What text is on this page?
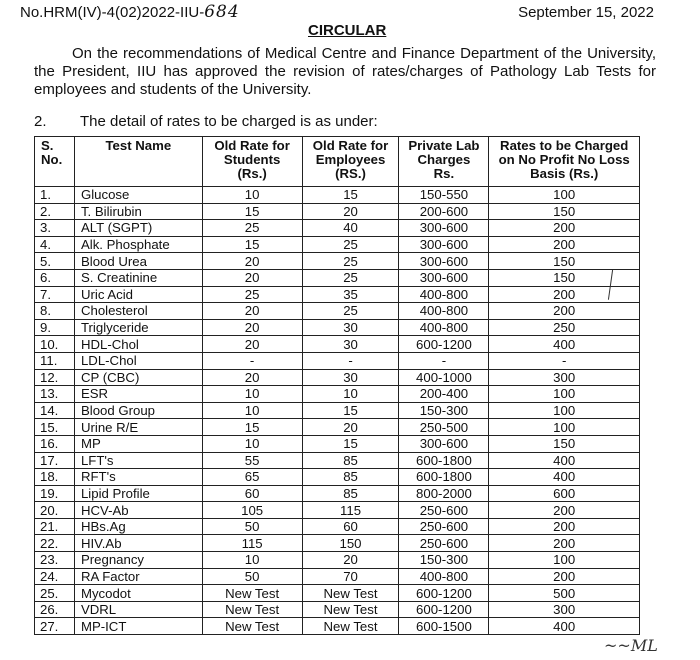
No.HRM(IV)-4(02)2022-IIU-684	September 15, 2022
CIRCULAR
On the recommendations of Medical Centre and Finance Department of the University, the President, IIU has approved the revision of rates/charges of Pathology Lab Tests for employees and students of the University.
2. The detail of rates to be charged is as under:
S. No.	Test Name	Old Rate for Students (Rs.)	Old Rate for Employees (RS.)	Private Lab Charges Rs.	Rates to be Charged on No Profit No Loss Basis (Rs.)
1.	Glucose	10	15	150-550	100
2.	T. Bilirubin	15	20	200-600	150
3.	ALT (SGPT)	25	40	300-600	200
4.	Alk. Phosphate	15	25	300-600	200
5.	Blood Urea	20	25	300-600	150
6.	S. Creatinine	20	25	300-600	150
7.	Uric Acid	25	35	400-800	200
8.	Cholesterol	20	25	400-800	200
9.	Triglyceride	20	30	400-800	250
10.	HDL-Chol	20	30	600-1200	400
11.	LDL-Chol	-	-	-	-
12.	CP (CBC)	20	30	400-1000	300
13.	ESR	10	10	200-400	100
14.	Blood Group	10	15	150-300	100
15.	Urine R/E	15	20	250-500	100
16.	MP	10	15	300-600	150
17.	LFT's	55	85	600-1800	400
18.	RFT's	65	85	600-1800	400
19.	Lipid Profile	60	85	800-2000	600
20.	HCV-Ab	105	115	250-600	200
21.	HBs.Ag	50	60	250-600	200
22.	HIV.Ab	115	150	250-600	200
23.	Pregnancy	10	20	150-300	100
24.	RA Factor	50	70	400-800	200
25.	Mycodot	New Test	New Test	600-1200	500
26.	VDRL	New Test	New Test	600-1200	300
27.	MP-ICT	New Test	New Test	600-1500	400
~~ML
